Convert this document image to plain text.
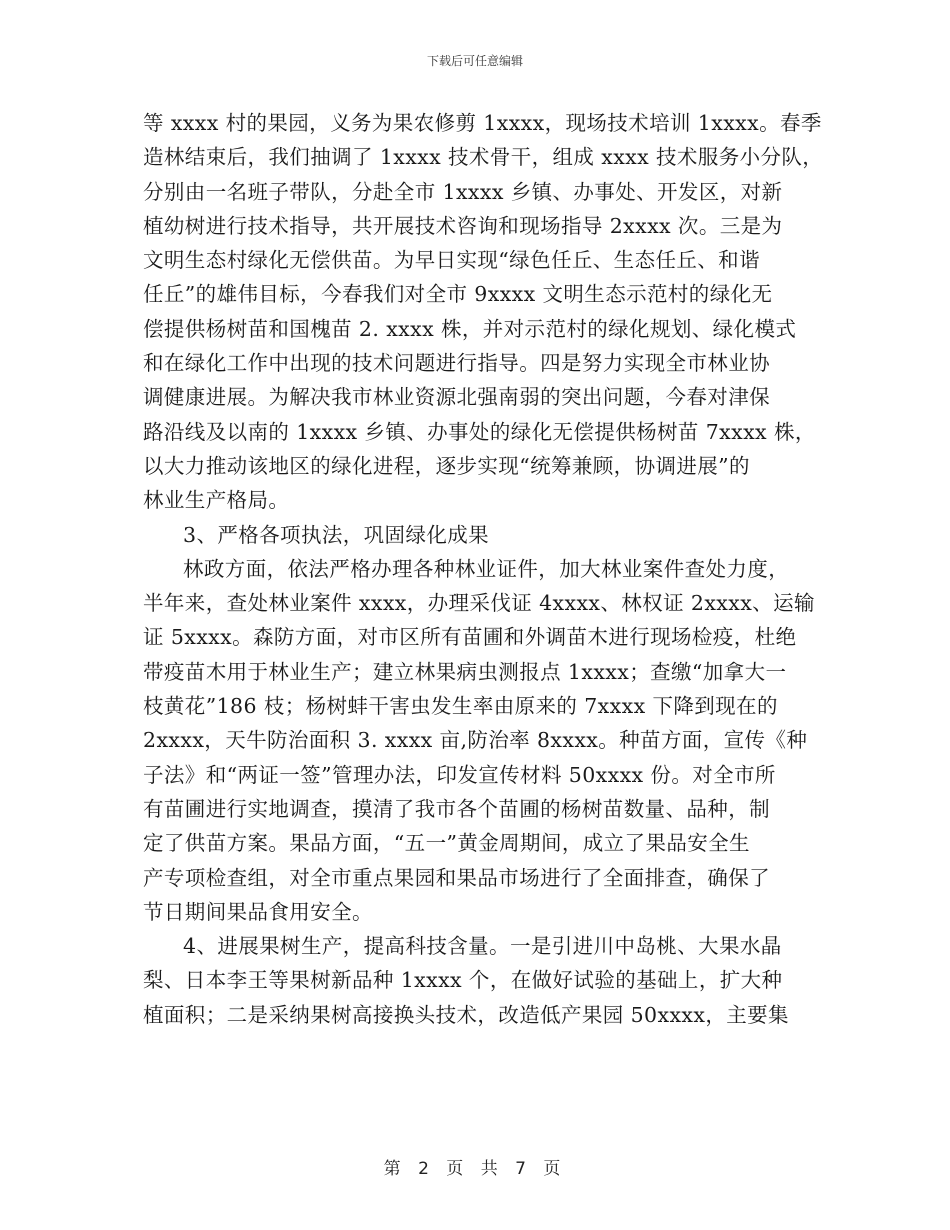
下载后可任意编辑
等 xxxx 村的果园，义务为果农修剪 1xxxx，现场技术培训 1xxxx。春季
造林结束后，我们抽调了 1xxxx 技术骨干，组成 xxxx 技术服务小分队，
分别由一名班子带队，分赴全市 1xxxx 乡镇、办事处、开发区，对新
植幼树进行技术指导，共开展技术咨询和现场指导 2xxxx 次。三是为
文明生态村绿化无偿供苗。为早日实现“绿色任丘、生态任丘、和谐
任丘”的雄伟目标，今春我们对全市 9xxxx 文明生态示范村的绿化无
偿提供杨树苗和国槐苗 2. xxxx 株，并对示范村的绿化规划、绿化模式
和在绿化工作中出现的技术问题进行指导。四是努力实现全市林业协
调健康进展。为解决我市林业资源北强南弱的突出问题，今春对津保
路沿线及以南的 1xxxx 乡镇、办事处的绿化无偿提供杨树苗 7xxxx 株，
以大力推动该地区的绿化进程，逐步实现“统筹兼顾，协调进展”的
林业生产格局。
3、严格各项执法，巩固绿化成果
林政方面，依法严格办理各种林业证件，加大林业案件查处力度，
半年来，查处林业案件 xxxx，办理采伐证 4xxxx、林权证 2xxxx、运输
证 5xxxx。森防方面，对市区所有苗圃和外调苗木进行现场检疫，杜绝
带疫苗木用于林业生产；建立林果病虫测报点 1xxxx；查缴“加拿大一
枝黄花”186 枝；杨树蚌干害虫发生率由原来的 7xxxx 下降到现在的
2xxxx，天牛防治面积 3. xxxx 亩,防治率 8xxxx。种苗方面，宣传《种
子法》和“两证一签”管理办法，印发宣传材料 50xxxx 份。对全市所
有苗圃进行实地调查，摸清了我市各个苗圃的杨树苗数量、品种，制
定了供苗方案。果品方面，“五一”黄金周期间，成立了果品安全生
产专项检查组，对全市重点果园和果品市场进行了全面排查，确保了
节日期间果品食用安全。
4、进展果树生产，提高科技含量。一是引进川中岛桃、大果水晶
梨、日本李王等果树新品种 1xxxx 个，在做好试验的基础上，扩大种
植面积；二是采纳果树高接换头技术，改造低产果园 50xxxx，主要集
第 2 页 共 7 页
